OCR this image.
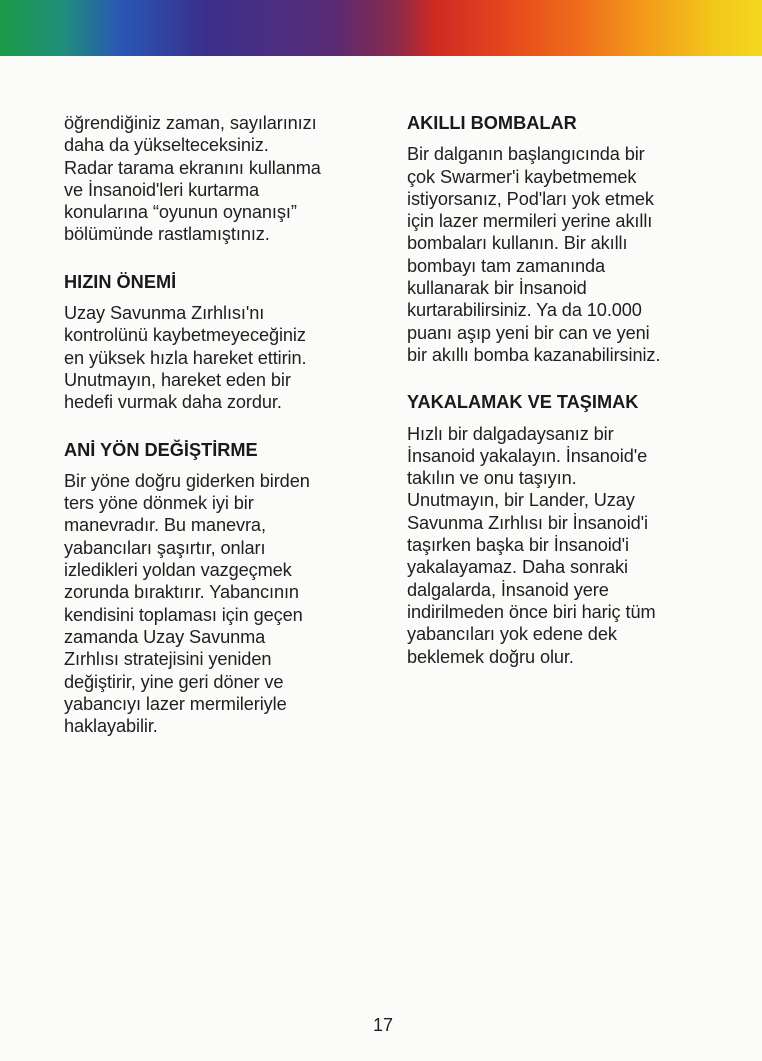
öğrendiğiniz zaman, sayılarınızı
daha da yükselteceksiniz.
Radar tarama ekranını kullanma
ve İnsanoid'leri kurtarma
konularına “oyunun oynanışı”
bölümünde rastlamıştınız.

HIZIN ÖNEMİ

Uzay Savunma Zırhlısı'nı
kontrolünü kaybetmeyeceğiniz
en yüksek hızla hareket ettirin.
Unutmayın, hareket eden bir
hedefi vurmak daha zordur.

ANİ YÖN DEĞİŞTİRME

Bir yöne doğru giderken birden
ters yöne dönmek iyi bir
manevradır. Bu manevra,
yabancıları şaşırtır, onları
izledikleri yoldan vazgeçmek
zorunda bıraktırır. Yabancının
kendisini toplaması için geçen
zamanda Uzay Savunma
Zırhlısı stratejisini yeniden
değiştirir, yine geri döner ve
yabancıyı lazer mermileriyle
haklayabilir.

AKILLI BOMBALAR

Bir dalganın başlangıcında bir
çok Swarmer'i kaybetmemek
istiyorsanız, Pod'ları yok etmek
için lazer mermileri yerine akıllı
bombaları kullanın. Bir akıllı
bombayı tam zamanında
kullanarak bir İnsanoid
kurtarabilirsiniz. Ya da 10.000
puanı aşıp yeni bir can ve yeni
bir akıllı bomba kazanabilirsiniz.

YAKALAMAK VE TAŞIMAK

Hızlı bir dalgadaysanız bir
İnsanoid yakalayın. İnsanoid'e
takılın ve onu taşıyın.
Unutmayın, bir Lander, Uzay
Savunma Zırhlısı bir İnsanoid'i
taşırken başka bir İnsanoid'i
yakalayamaz. Daha sonraki
dalgalarda, İnsanoid yere
indirilmeden önce biri hariç tüm
yabancıları yok edene dek
beklemek doğru olur.

17
